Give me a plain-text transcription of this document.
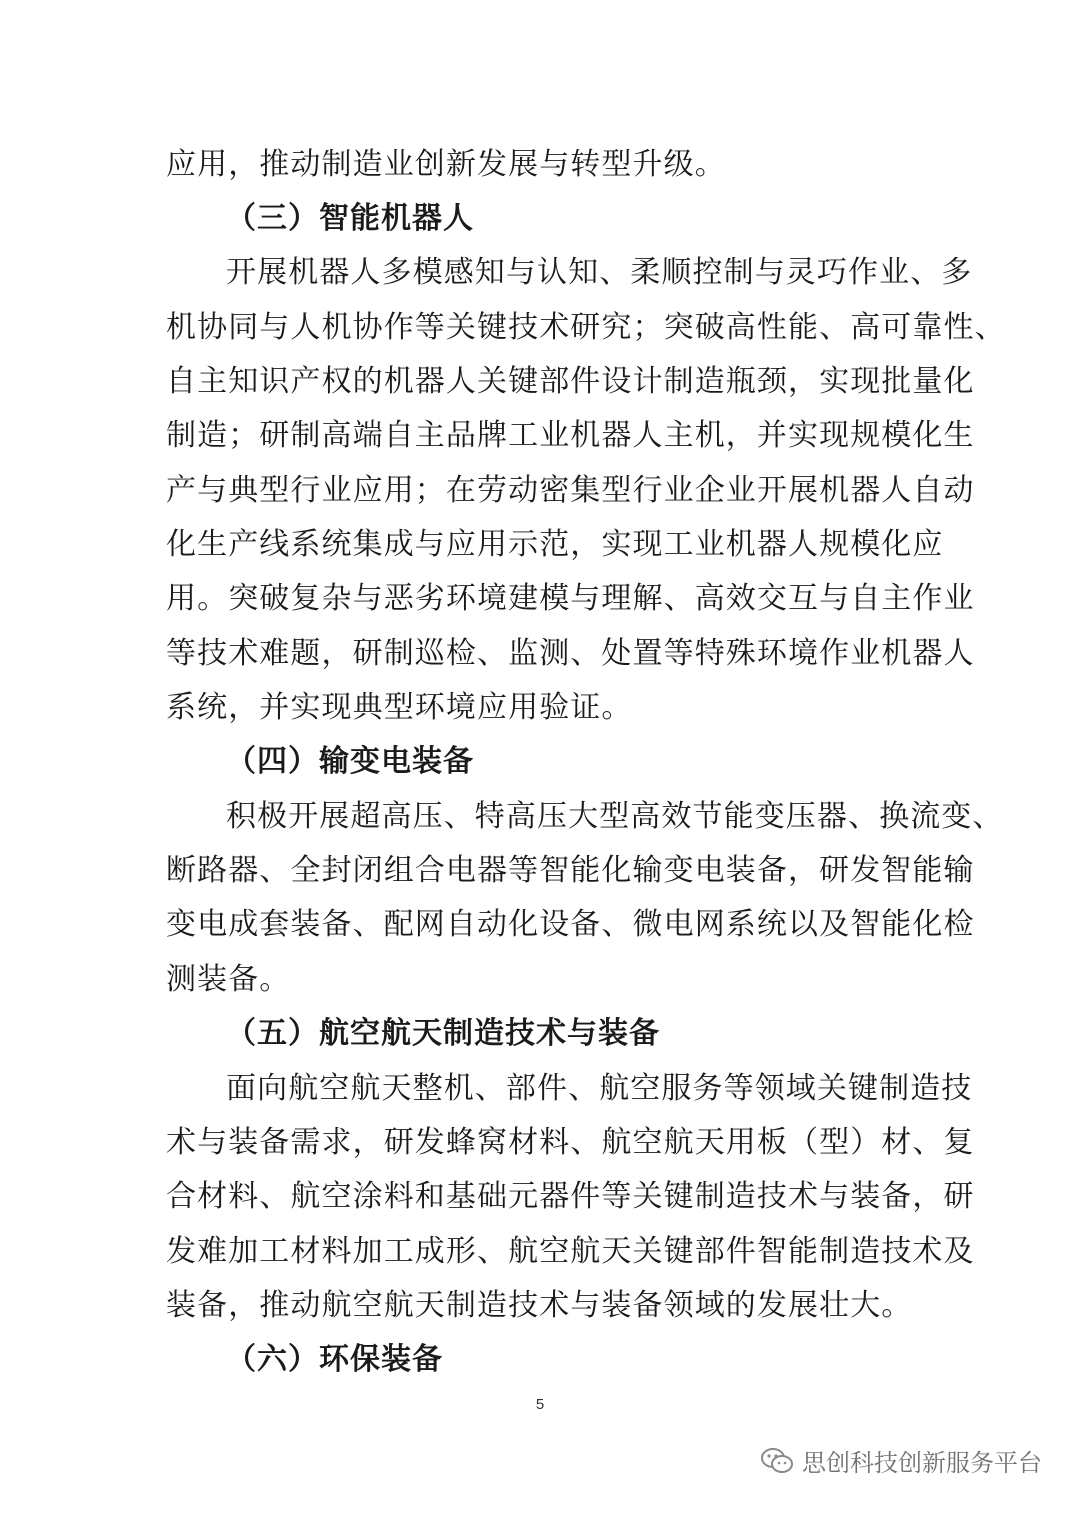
应用，推动制造业创新发展与转型升级。
（三）智能机器人
开展机器人多模感知与认知、柔顺控制与灵巧作业、多
机协同与人机协作等关键技术研究；突破高性能、高可靠性、
自主知识产权的机器人关键部件设计制造瓶颈，实现批量化
制造；研制高端自主品牌工业机器人主机，并实现规模化生
产与典型行业应用；在劳动密集型行业企业开展机器人自动
化生产线系统集成与应用示范，实现工业机器人规模化应
用。突破复杂与恶劣环境建模与理解、高效交互与自主作业
等技术难题，研制巡检、监测、处置等特殊环境作业机器人
系统，并实现典型环境应用验证。
（四）输变电装备
积极开展超高压、特高压大型高效节能变压器、换流变、
断路器、全封闭组合电器等智能化输变电装备，研发智能输
变电成套装备、配网自动化设备、微电网系统以及智能化检
测装备。
（五）航空航天制造技术与装备
面向航空航天整机、部件、航空服务等领域关键制造技
术与装备需求，研发蜂窝材料、航空航天用板（型）材、复
合材料、航空涂料和基础元器件等关键制造技术与装备，研
发难加工材料加工成形、航空航天关键部件智能制造技术及
装备，推动航空航天制造技术与装备领域的发展壮大。
（六）环保装备
5
思创科技创新服务平台
